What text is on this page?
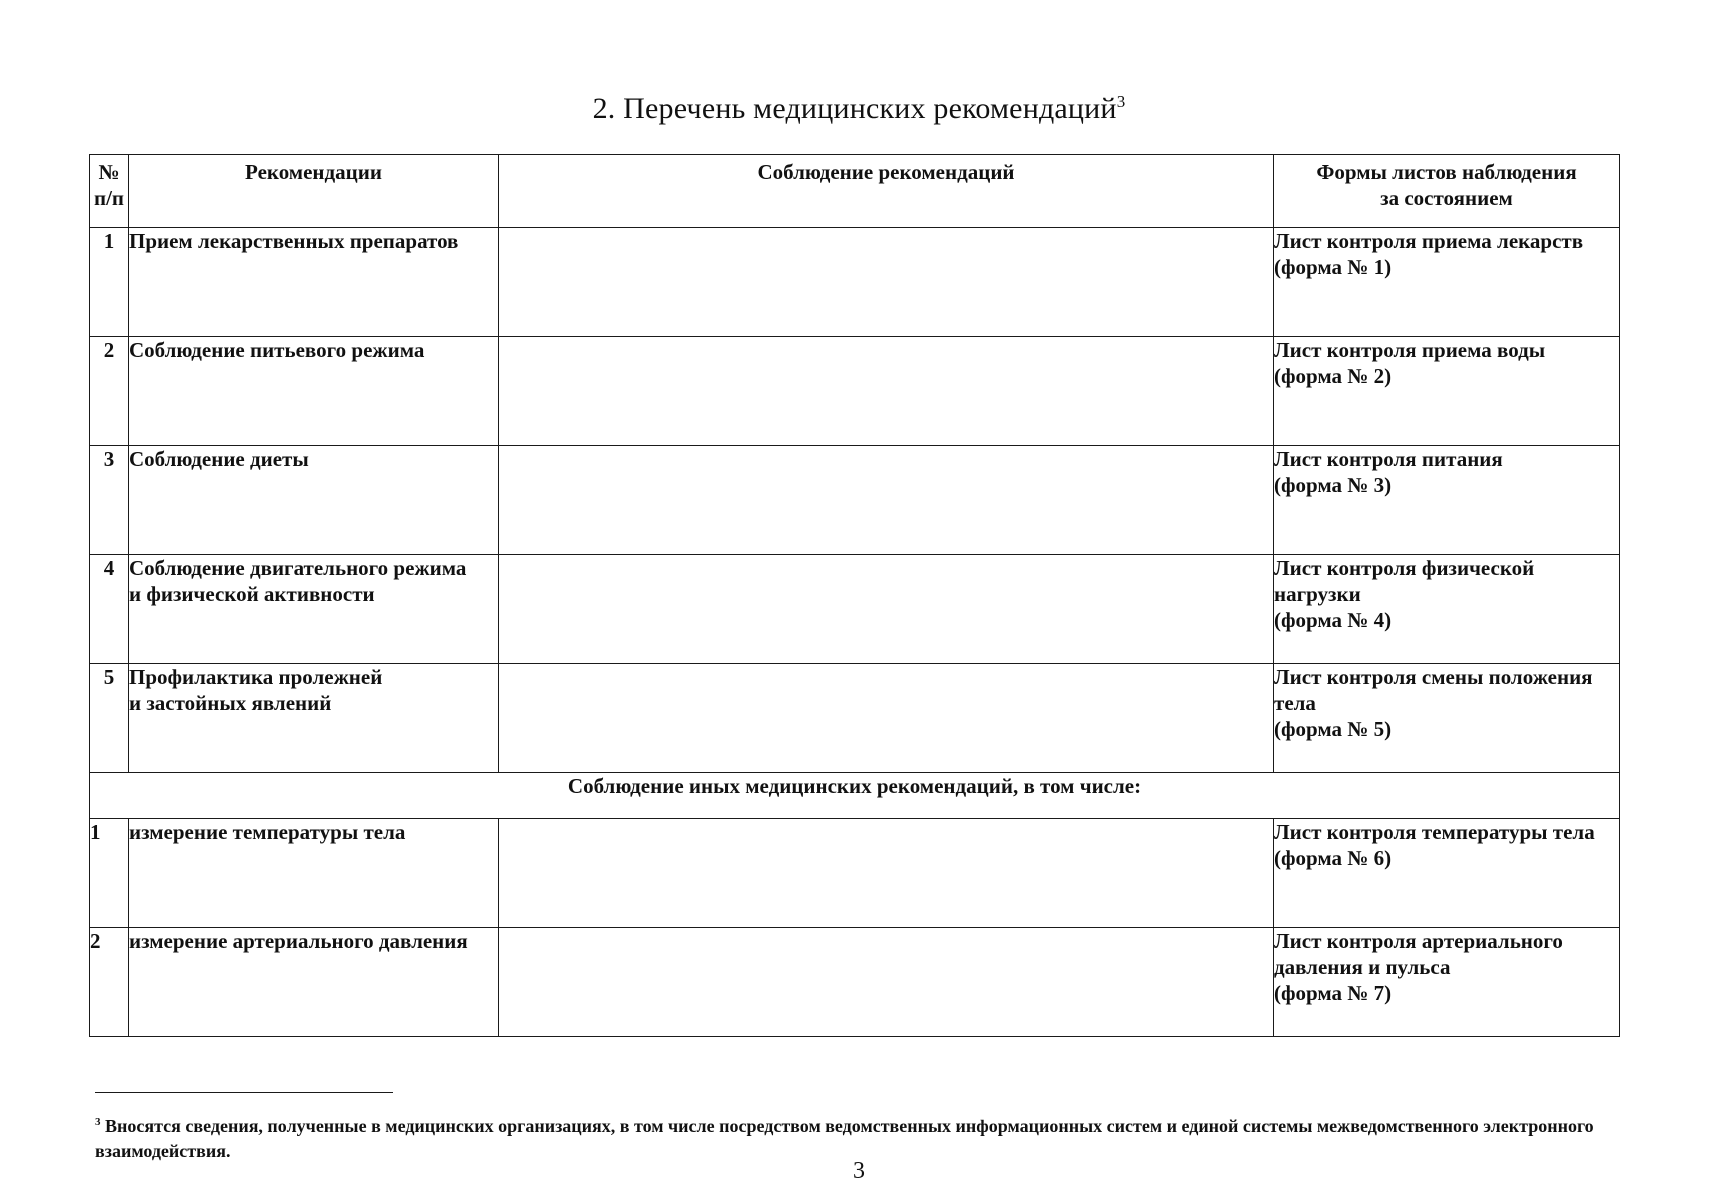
2. Перечень медицинских рекомендаций$^3$
№
п/п	Рекомендации	Соблюдение рекомендаций	Формы листов наблюдения
за состоянием

1	Прием лекарственных препаратов		Лист контроля приема лекарств
(форма № 1)

2	Соблюдение питьевого режима		Лист контроля приема воды
(форма № 2)

3	Соблюдение диеты		Лист контроля питания
(форма № 3)

4	Соблюдение двигательного режима
и физической активности		Лист контроля физической
нагрузки
(форма № 4)

5	Профилактика пролежней
и застойных явлений		Лист контроля смены положения
тела
(форма № 5)

Соблюдение иных медицинских рекомендаций, в том числе:			
1	измерение температуры тела		Лист контроля температуры тела
(форма № 6)

2	измерение артериального давления		Лист контроля артериального
давления и пульса
(форма № 7)
$^3$ Вносятся сведения, полученные в медицинских организациях, в том числе посредством ведомственных информационных систем и единой системы межведомственного электронного взаимодействия.
3
